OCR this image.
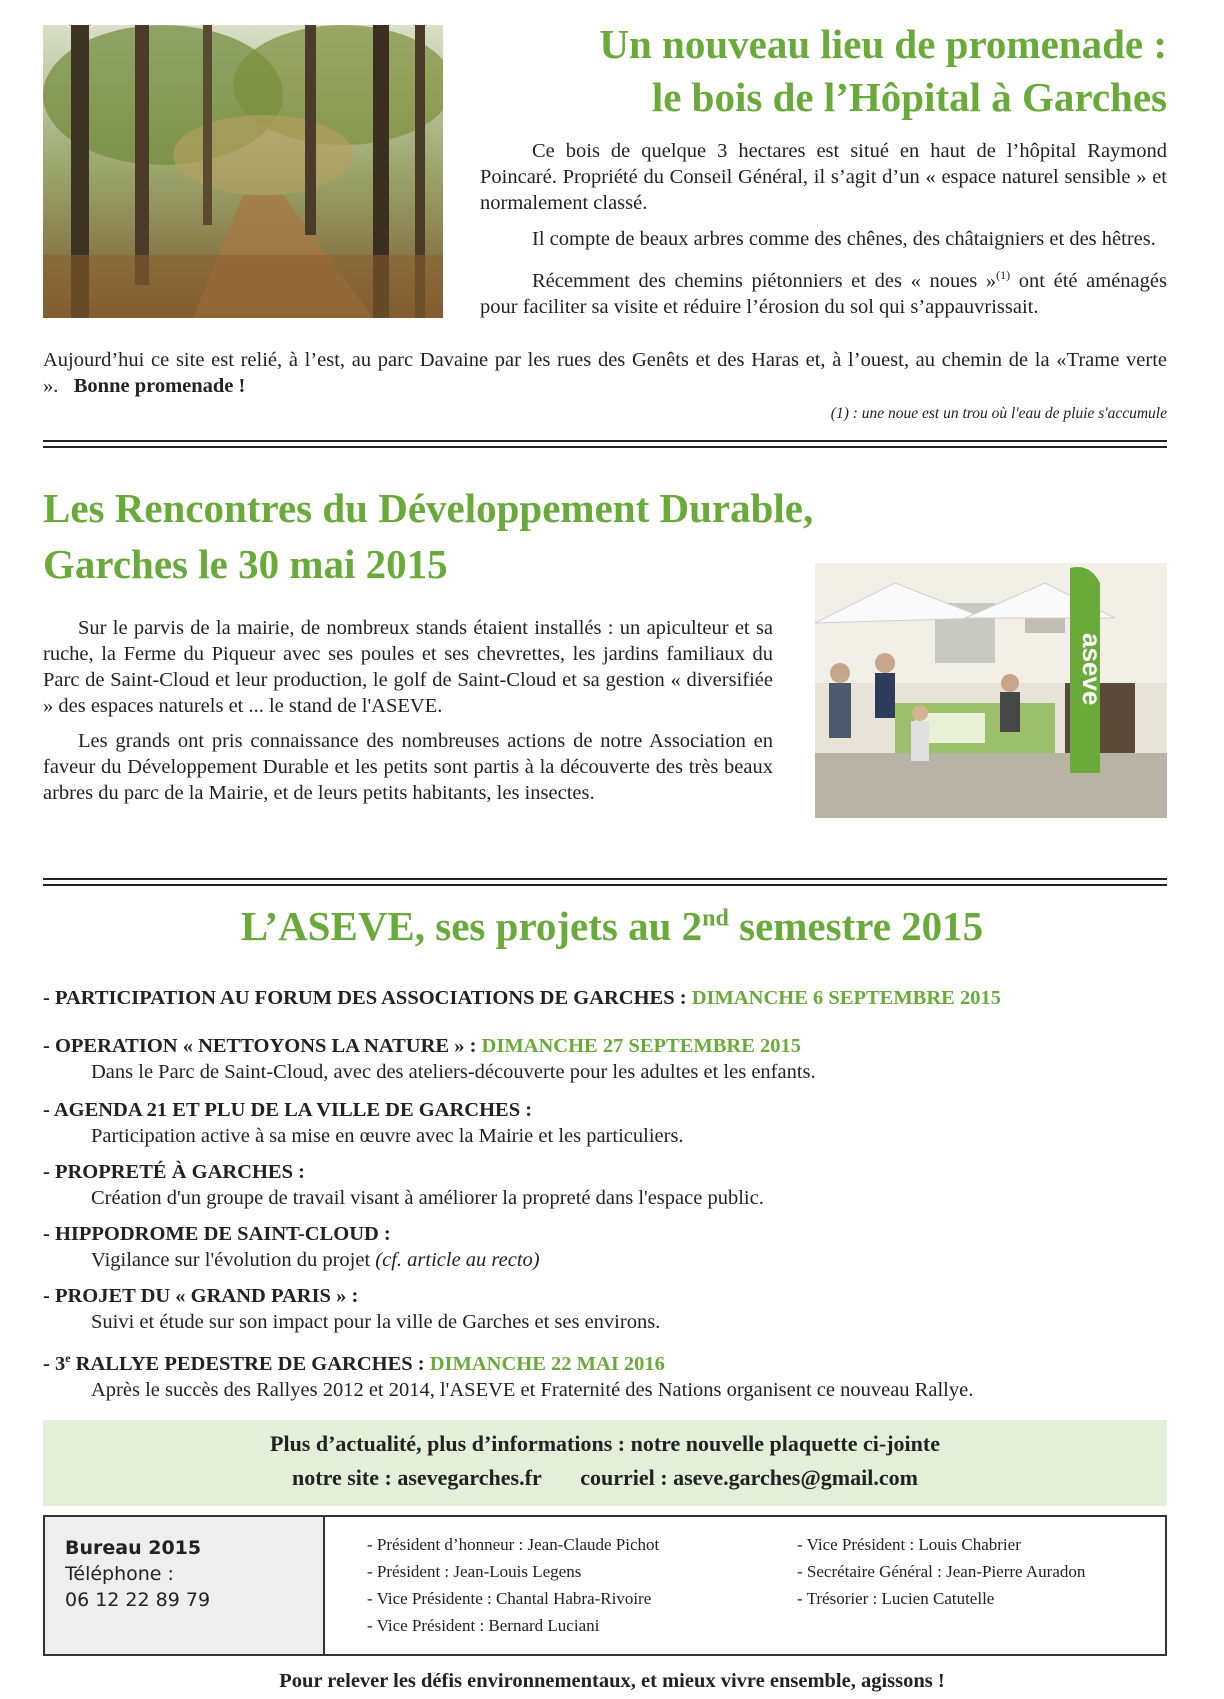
Un nouveau lieu de promenade :
le bois de l’Hôpital à Garches

Ce bois de quelque 3 hectares est situé en haut de l’hôpital Raymond Poincaré. Propriété du Conseil Général, il s’agit d’un « espace naturel sensible » et normalement classé.

Il compte de beaux arbres comme des chênes, des châtaigniers et des hêtres.

Récemment des chemins piétonniers et des « noues »$^{(1)}$ ont été aménagés pour faciliter sa visite et réduire l’érosion du sol qui s’appauvrissait.

Aujourd’hui ce site est relié, à l’est, au parc Davaine par les rues des Genêts et des Haras et, à l’ouest, au chemin de la «Trame verte ». Bonne promenade !
(1) : une noue est un trou où l'eau de pluie s'accumule
Les Rencontres du Développement Durable,
Garches le 30 mai 2015

Sur le parvis de la mairie, de nombreux stands étaient installés : un apiculteur et sa ruche, la Ferme du Piqueur avec ses poules et ses chevrettes, les jardins familiaux du Parc de Saint-Cloud et leur production, le golf de Saint-Cloud et sa gestion « diversifiée » des espaces naturels et ... le stand de l'ASEVE.

Les grands ont pris connaissance des nombreuses actions de notre Association en faveur du Développement Durable et les petits sont partis à la découverte des très beaux arbres du parc de la Mairie, et de leurs petits habitants, les insectes.

aseve
L’ASEVE, ses projets au 2nd semestre 2015
- PARTICIPATION AU FORUM DES ASSOCIATIONS DE GARCHES : DIMANCHE 6 SEPTEMBRE 2015
- OPERATION « NETTOYONS LA NATURE » : DIMANCHE 27 SEPTEMBRE 2015
Dans le Parc de Saint-Cloud, avec des ateliers-découverte pour les adultes et les enfants.
- AGENDA 21 ET PLU DE LA VILLE DE GARCHES :
Participation active à sa mise en œuvre avec la Mairie et les particuliers.
- PROPRETÉ À GARCHES :
Création d'un groupe de travail visant à améliorer la propreté dans l'espace public.
- HIPPODROME DE SAINT-CLOUD :
Vigilance sur l'évolution du projet (cf. article au recto)
- PROJET DU « GRAND PARIS » :
Suivi et étude sur son impact pour la ville de Garches et ses environs.
- 3e RALLYE PEDESTRE DE GARCHES : DIMANCHE 22 MAI 2016
Après le succès des Rallyes 2012 et 2014, l'ASEVE et Fraternité des Nations organisent ce nouveau Rallye.
Plus d’actualité, plus d’informations : notre nouvelle plaquette ci-jointe
notre site : asevegarches.fr courriel : aseve.garches@gmail.com
Bureau 2015
Téléphone :
06 12 22 89 79
- Président d’honneur : Jean-Claude Pichot
- Président : Jean-Louis Legens
- Vice Présidente : Chantal Habra-Rivoire
- Vice Président : Bernard Luciani
- Vice Président : Louis Chabrier
- Secrétaire Général : Jean-Pierre Auradon
- Trésorier : Lucien Catutelle
Pour relever les défis environnementaux, et mieux vivre ensemble, agissons !
